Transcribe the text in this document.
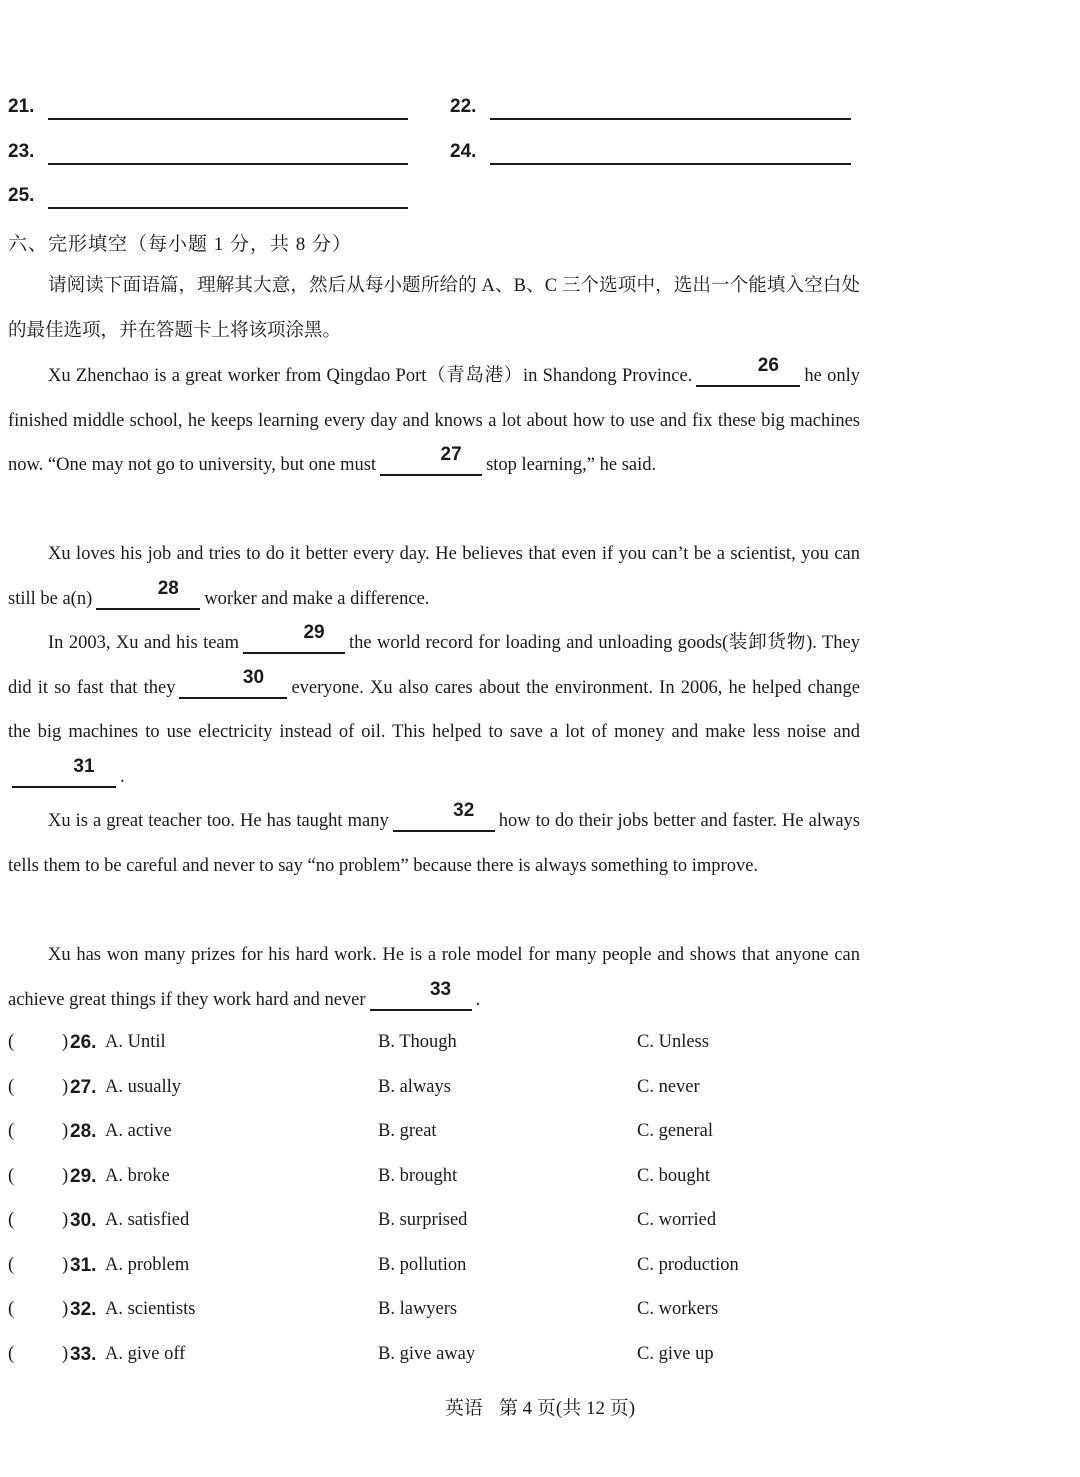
21.	22.
23.	24.
25.
六、完形填空（每小题 1 分，共 8 分）

请阅读下面语篇，理解其大意，然后从每小题所给的 A、B、C 三个选项中，选出一个能填入空白处的最佳选项，并在答题卡上将该项涂黑。

Xu Zhenchao is a great worker from Qingdao Port（青岛港）in Shandong Province.	26	he only finished middle school, he keeps learning every day and knows a lot about how to use and fix these big machines now. “One may not go to university, but one must	27	stop learning,” he said.

Xu loves his job and tries to do it better every day. He believes that even if you can’t be a scientist, you can still be a(n)	28	worker and make a difference.

In 2003, Xu and his team	29	the world record for loading and unloading goods(装卸货物). They did it so fast that they	30	everyone. Xu also cares about the environment. In 2006, he helped change the big machines to use electricity instead of oil. This helped to save a lot of money and make less noise and
31	.

Xu is a great teacher too. He has taught many	32	how to do their jobs better and faster. He always tells them to be careful and never to say “no problem” because there is always something to improve.

Xu has won many prizes for his hard work. He is a role model for many people and shows that anyone can achieve great things if they work hard and never	33	.

(	) 26. A. Until	B. Though	C. Unless
(	) 27. A. usually	B. always	C. never
(	) 28. A. active	B. great	C. general
(	) 29. A. broke	B. brought	C. bought
(	) 30. A. satisfied	B. surprised	C. worried
(	) 31. A. problem	B. pollution	C. production
(	) 32. A. scientists	B. lawyers	C. workers
(	) 33. A. give off	B. give away	C. give up
英语 第 4 页(共 12 页)
